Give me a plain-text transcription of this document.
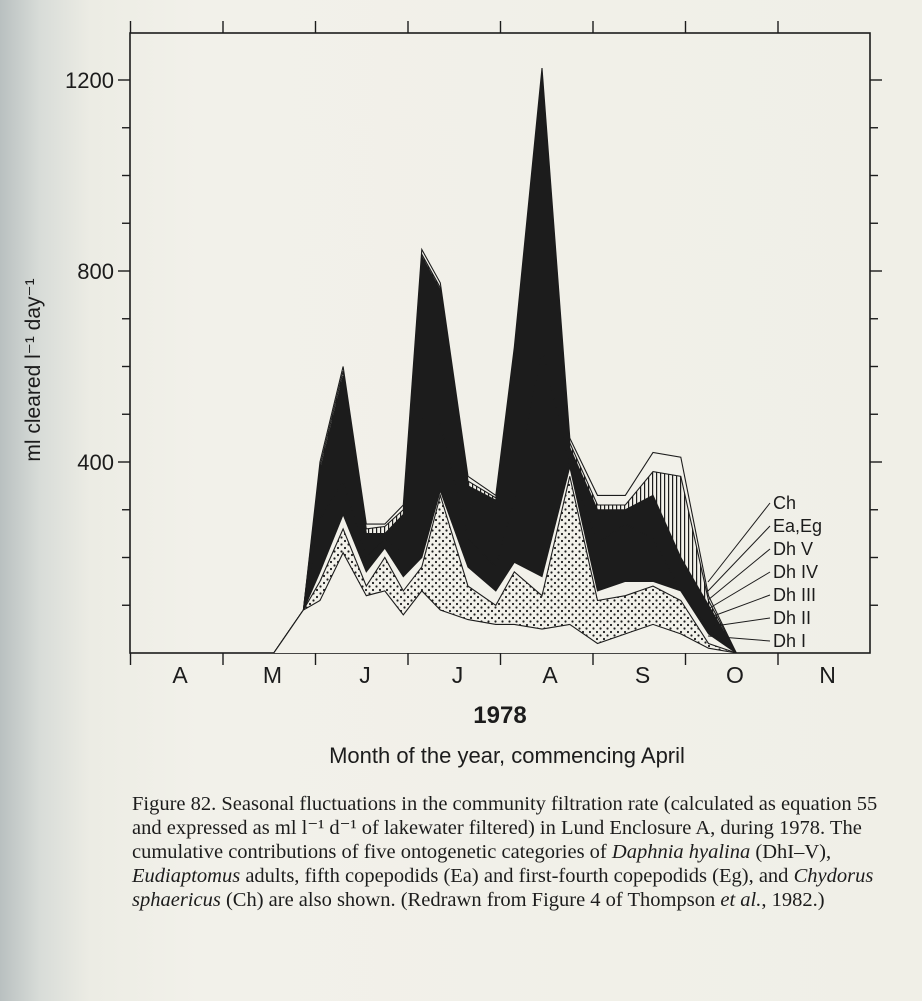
400
800
1200
A	M	J	J	A	S	O	N
Ch
Ea,Eg
Dh V
Dh IV
Dh III
Dh II
Dh I
ml cleared l⁻¹ day⁻¹
1978
Month of the year, commencing April

Figure 82. Seasonal fluctuations in the community filtration rate (calculated as equation 55 and expressed as ml l⁻¹ d⁻¹ of lakewater filtered) in Lund Enclosure A, during 1978. The cumulative contributions of five ontogenetic categories of Daphnia hyalina (DhI–V), Eudiaptomus adults, fifth copepodids (Ea) and first-fourth copepodids (Eg), and Chydorus sphaericus (Ch) are also shown. (Redrawn from Figure 4 of Thompson et al., 1982.)
